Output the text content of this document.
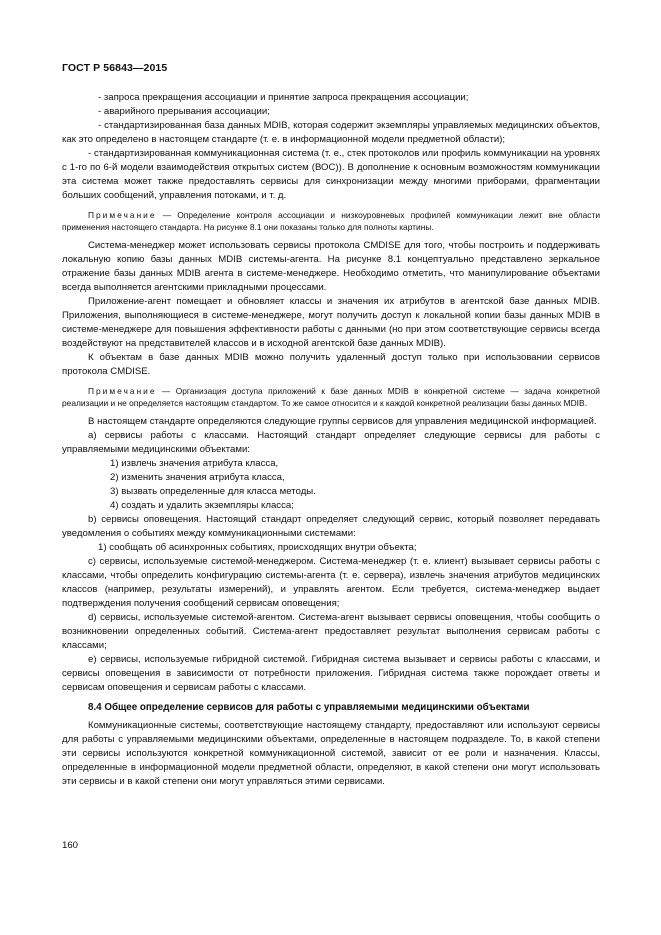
ГОСТ Р 56843—2015

- запроса прекращения ассоциации и принятие запроса прекращения ассоциации;

- аварийного прерывания ассоциации;

- стандартизированная база данных MDIB, которая содержит экземпляры управляемых медицинских объектов, как это определено в настоящем стандарте (т. е. в информационной модели предметной области);

- стандартизированная коммуникационная система (т. е., стек протоколов или профиль коммуникации на уровнях с 1-го по 6-й модели взаимодействия открытых систем (ВОС)). В дополнение к основным возможностям коммуникации эта система может также предоставлять сервисы для синхронизации между многими приборами, фрагментации больших сообщений, управления потоками, и т. д.

Примечание — Определение контроля ассоциации и низкоуровневых профилей коммуникации лежит вне области применения настоящего стандарта. На рисунке 8.1 они показаны только для полноты картины.

Система-менеджер может использовать сервисы протокола CMDISE для того, чтобы построить и поддерживать локальную копию базы данных MDIB системы-агента. На рисунке 8.1 концептуально представлено зеркальное отражение базы данных MDIB агента в системе-менеджере. Необходимо отметить, что манипулирование объектами всегда выполняется агентскими прикладными процессами.

Приложение-агент помещает и обновляет классы и значения их атрибутов в агентской базе данных MDIB. Приложения, выполняющиеся в системе-менеджере, могут получить доступ к локальной копии базы данных MDIB в системе-менеджере для повышения эффективности работы с данными (но при этом соответствующие сервисы всегда воздействуют на представителей классов и в исходной агентской базе данных MDIB).

К объектам в базе данных MDIB можно получить удаленный доступ только при использовании сервисов протокола CMDISE.

Примечание — Организация доступа приложений к базе данных MDIB в конкретной системе — задача конкретной реализации и не определяется настоящим стандартом. То же самое относится и к каждой конкретной реализации базы данных MDIB.

В настоящем стандарте определяются следующие группы сервисов для управления медицинской информацией.

а) сервисы работы с классами. Настоящий стандарт определяет следующие сервисы для работы с управляемыми медицинскими объектами:

1) извлечь значения атрибута класса,

2) изменить значения атрибута класса,

3) вызвать определенные для класса методы.

4) создать и удалить экземпляры класса;

b) сервисы оповещения. Настоящий стандарт определяет следующий сервис, который позволяет передавать уведомления о событиях между коммуникационными системами:

1) сообщать об асинхронных событиях, происходящих внутри объекта;

c) сервисы, используемые системой-менеджером. Система-менеджер (т. е. клиент) вызывает сервисы работы с классами, чтобы определить конфигурацию системы-агента (т. е. сервера), извлечь значения атрибутов медицинских классов (например, результаты измерений), и управлять агентом. Если требуется, система-менеджер выдает подтверждения получения сообщений сервисам оповещения;

d) сервисы, используемые системой-агентом. Система-агент вызывает сервисы оповещения, чтобы сообщить о возникновении определенных событий. Система-агент предоставляет результат выполнения сервисам работы с классами;

e) сервисы, используемые гибридной системой. Гибридная система вызывает и сервисы работы с классами, и сервисы оповещения в зависимости от потребности приложения. Гибридная система также порождает ответы и сервисам оповещения и сервисам работы с классами.

8.4 Общее определение сервисов для работы с управляемыми медицинскими объектами

Коммуникационные системы, соответствующие настоящему стандарту, предоставляют или используют сервисы для работы с управляемыми медицинскими объектами, определенные в настоящем подразделе. То, в какой степени эти сервисы используются конкретной коммуникационной системой, зависит от ее роли и назначения. Классы, определенные в информационной модели предметной области, определяют, в какой степени они могут использовать эти сервисы и в какой степени они могут управляться этими сервисами.

160
